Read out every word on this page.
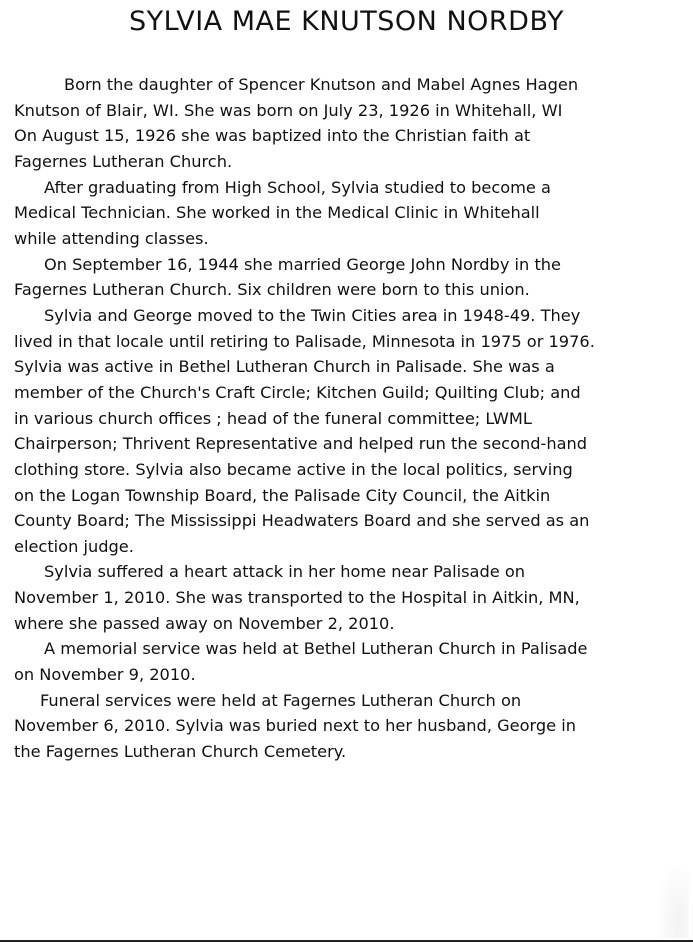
SYLVIA MAE KNUTSON NORDBY
Born the daughter of Spencer Knutson and Mabel Agnes Hagen
Knutson of Blair, WI. She was born on July 23, 1926 in Whitehall, WI
On August 15, 1926 she was baptized into the Christian faith at
Fagernes Lutheran Church.
After graduating from High School, Sylvia studied to become a
Medical Technician. She worked in the Medical Clinic in Whitehall
while attending classes.
On September 16, 1944 she married George John Nordby in the
Fagernes Lutheran Church. Six children were born to this union.
Sylvia and George moved to the Twin Cities area in 1948-49. They
lived in that locale until retiring to Palisade, Minnesota in 1975 or 1976.
Sylvia was active in Bethel Lutheran Church in Palisade. She was a
member of the Church's Craft Circle; Kitchen Guild; Quilting Club; and
in various church offices ; head of the funeral committee; LWML
Chairperson; Thrivent Representative and helped run the second-hand
clothing store. Sylvia also became active in the local politics, serving
on the Logan Township Board, the Palisade City Council, the Aitkin
County Board; The Mississippi Headwaters Board and she served as an
election judge.
Sylvia suffered a heart attack in her home near Palisade on
November 1, 2010. She was transported to the Hospital in Aitkin, MN,
where she passed away on November 2, 2010.
A memorial service was held at Bethel Lutheran Church in Palisade
on November 9, 2010.
Funeral services were held at Fagernes Lutheran Church on
November 6, 2010. Sylvia was buried next to her husband, George in
the Fagernes Lutheran Church Cemetery.
